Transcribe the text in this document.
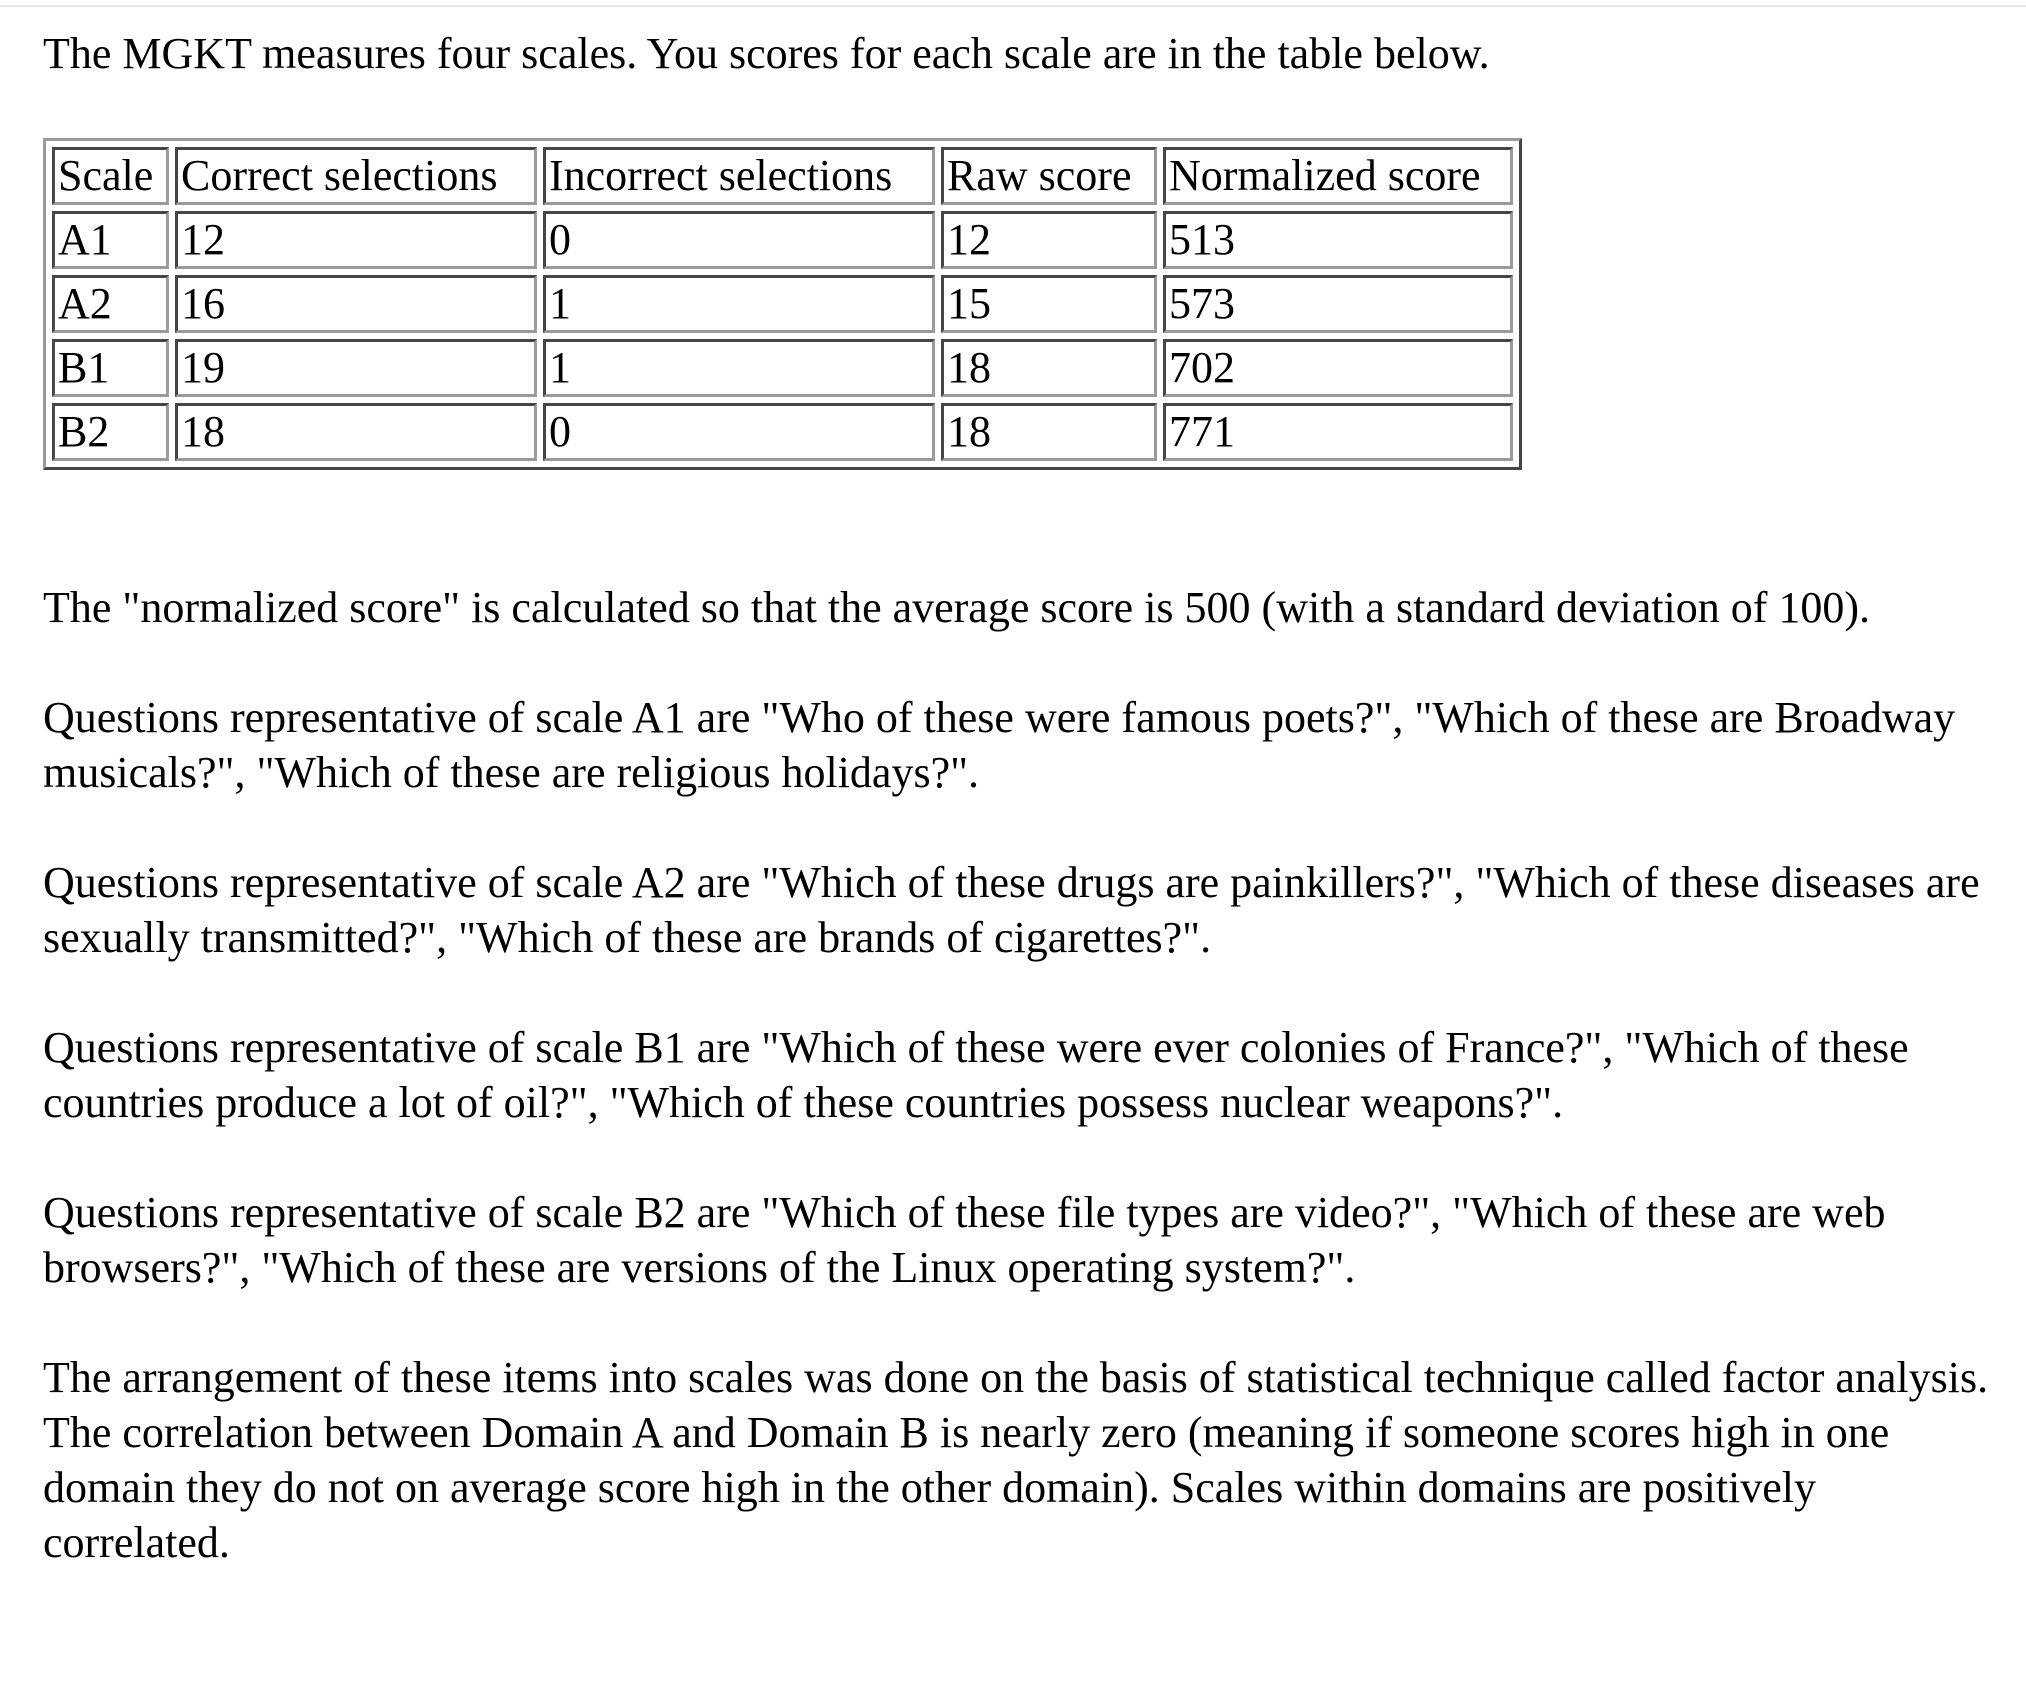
The MGKT measures four scales. You scores for each scale are in the table below.

Scale	Correct selections	Incorrect selections	Raw score	Normalized score
A1	12	0	12	513
A2	16	1	15	573
B1	19	1	18	702
B2	18	0	18	771

The "normalized score" is calculated so that the average score is 500 (with a standard deviation of 100).

Questions representative of scale A1 are "Who of these were famous poets?", "Which of these are Broadway musicals?", "Which of these are religious holidays?".

Questions representative of scale A2 are "Which of these drugs are painkillers?", "Which of these diseases are sexually transmitted?", "Which of these are brands of cigarettes?".

Questions representative of scale B1 are "Which of these were ever colonies of France?", "Which of these countries produce a lot of oil?", "Which of these countries possess nuclear weapons?".

Questions representative of scale B2 are "Which of these file types are video?", "Which of these are web browsers?", "Which of these are versions of the Linux operating system?".

The arrangement of these items into scales was done on the basis of statistical technique called factor analysis. The correlation between Domain A and Domain B is nearly zero (meaning if someone scores high in one domain they do not on average score high in the other domain). Scales within domains are positively correlated.
